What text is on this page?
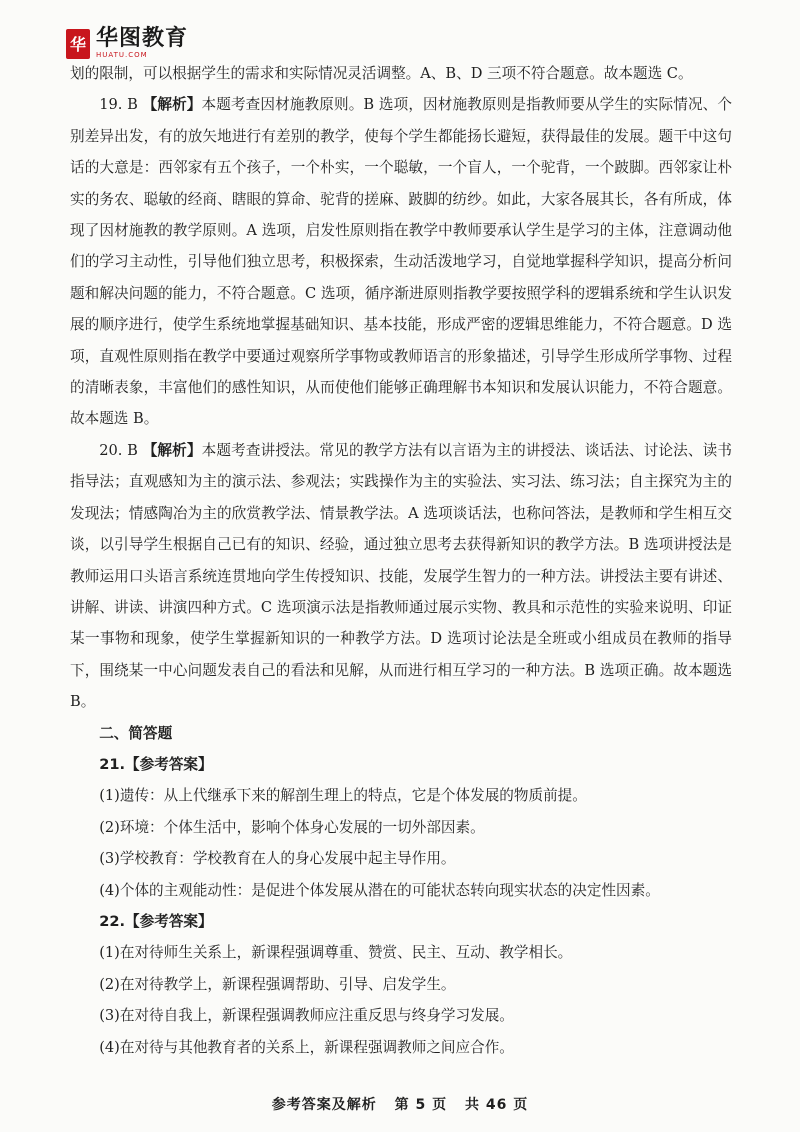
华 华图教育
HUATU.COM

划的限制，可以根据学生的需求和实际情况灵活调整。A、B、D 三项不符合题意。故本题选 C。

19. B 【解析】本题考查因材施教原则。B 选项，因材施教原则是指教师要从学生的实际情况、个别差异出发，有的放矢地进行有差别的教学，使每个学生都能扬长避短，获得最佳的发展。题干中这句话的大意是：西邻家有五个孩子，一个朴实，一个聪敏，一个盲人，一个驼背，一个跛脚。西邻家让朴实的务农、聪敏的经商、瞎眼的算命、驼背的搓麻、跛脚的纺纱。如此，大家各展其长，各有所成，体现了因材施教的教学原则。A 选项，启发性原则指在教学中教师要承认学生是学习的主体，注意调动他们的学习主动性，引导他们独立思考，积极探索，生动活泼地学习，自觉地掌握科学知识，提高分析问题和解决问题的能力，不符合题意。C 选项，循序渐进原则指教学要按照学科的逻辑系统和学生认识发展的顺序进行，使学生系统地掌握基础知识、基本技能，形成严密的逻辑思维能力，不符合题意。D 选项，直观性原则指在教学中要通过观察所学事物或教师语言的形象描述，引导学生形成所学事物、过程的清晰表象，丰富他们的感性知识，从而使他们能够正确理解书本知识和发展认识能力，不符合题意。故本题选 B。

20. B 【解析】本题考查讲授法。常见的教学方法有以言语为主的讲授法、谈话法、讨论法、读书指导法；直观感知为主的演示法、参观法；实践操作为主的实验法、实习法、练习法；自主探究为主的发现法；情感陶冶为主的欣赏教学法、情景教学法。A 选项谈话法，也称问答法，是教师和学生相互交谈，以引导学生根据自己已有的知识、经验，通过独立思考去获得新知识的教学方法。B 选项讲授法是教师运用口头语言系统连贯地向学生传授知识、技能，发展学生智力的一种方法。讲授法主要有讲述、讲解、讲读、讲演四种方式。C 选项演示法是指教师通过展示实物、教具和示范性的实验来说明、印证某一事物和现象，使学生掌握新知识的一种教学方法。D 选项讨论法是全班或小组成员在教师的指导下，围绕某一中心问题发表自己的看法和见解，从而进行相互学习的一种方法。B 选项正确。故本题选 B。

二、简答题

21.【参考答案】

(1)遗传：从上代继承下来的解剖生理上的特点，它是个体发展的物质前提。

(2)环境：个体生活中，影响个体身心发展的一切外部因素。

(3)学校教育：学校教育在人的身心发展中起主导作用。

(4)个体的主观能动性：是促进个体发展从潜在的可能状态转向现实状态的决定性因素。

22.【参考答案】

(1)在对待师生关系上，新课程强调尊重、赞赏、民主、互动、教学相长。

(2)在对待教学上，新课程强调帮助、引导、启发学生。

(3)在对待自我上，新课程强调教师应注重反思与终身学习发展。

(4)在对待与其他教育者的关系上，新课程强调教师之间应合作。

参考答案及解析 第 5 页 共 46 页
